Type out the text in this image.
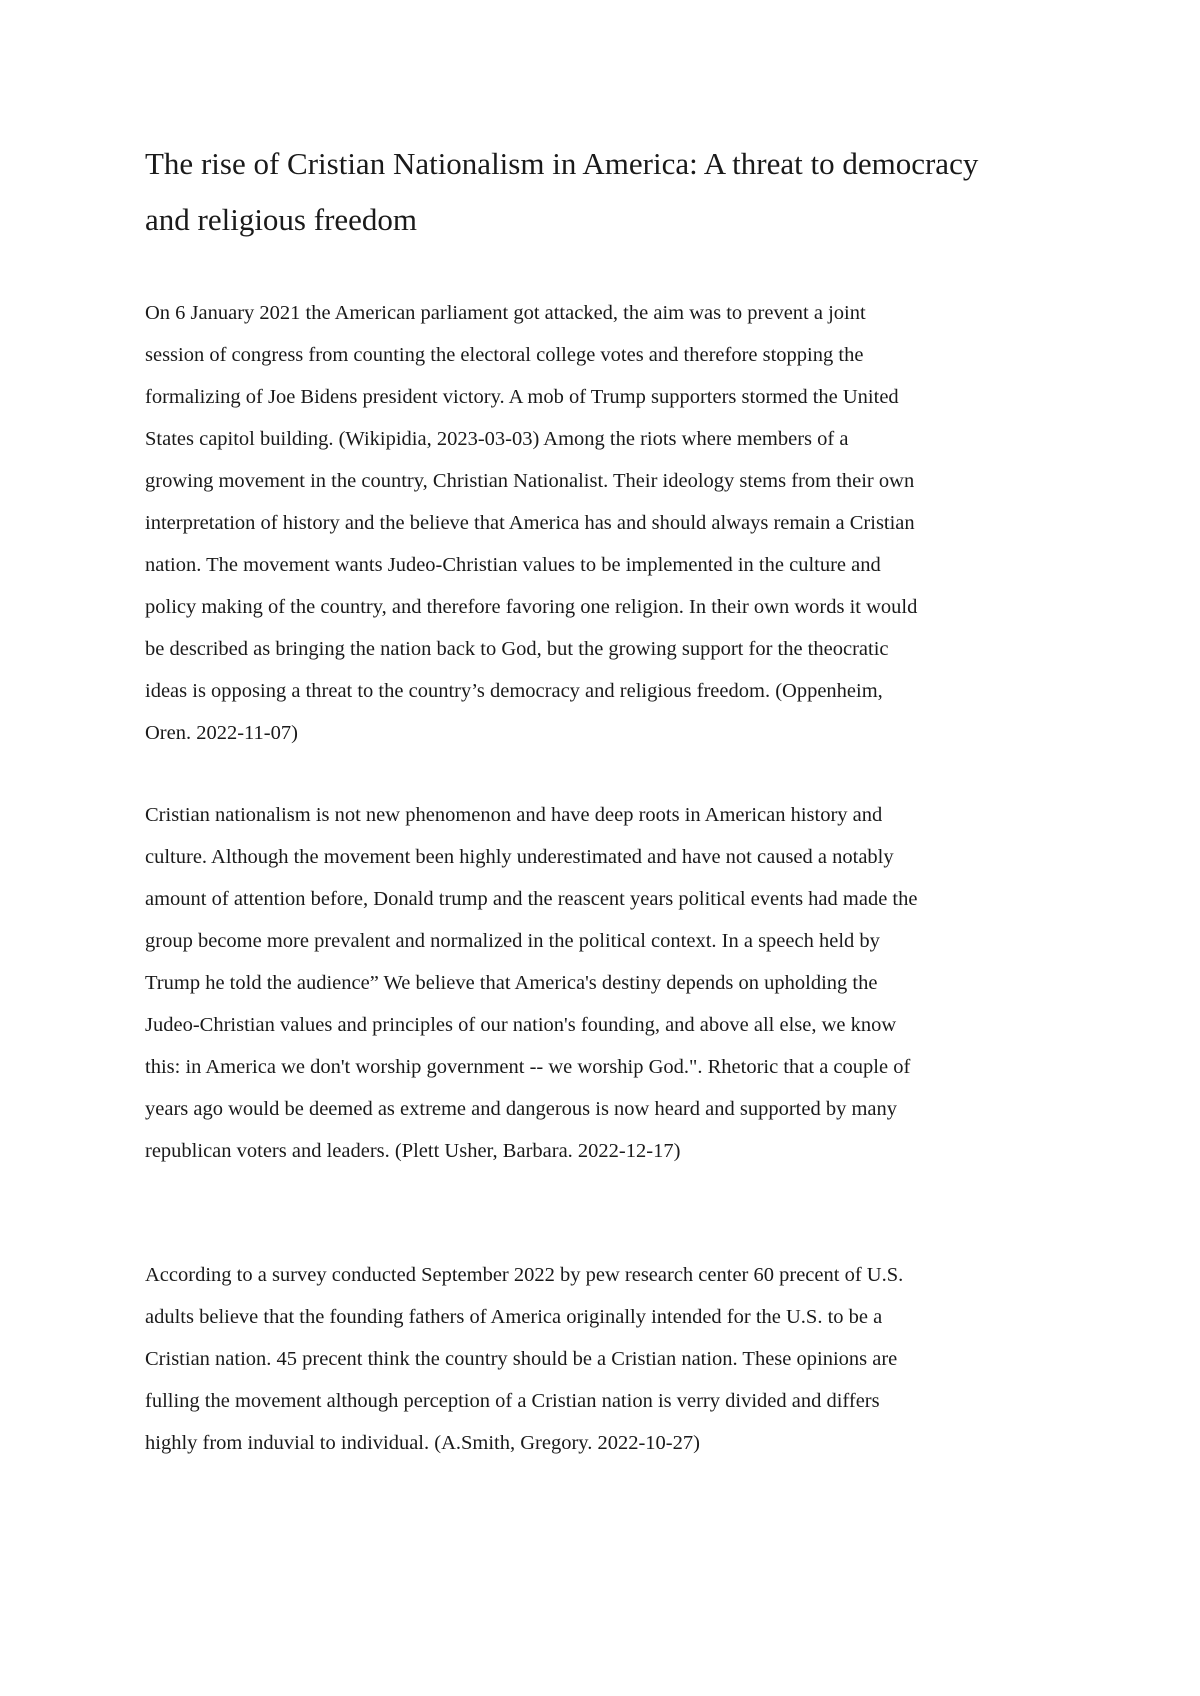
The rise of Cristian Nationalism in America: A threat to democracy
and religious freedom

On 6 January 2021 the American parliament got attacked, the aim was to prevent a joint
session of congress from counting the electoral college votes and therefore stopping the
formalizing of Joe Bidens president victory. A mob of Trump supporters stormed the United
States capitol building. (Wikipidia, 2023-03-03) Among the riots where members of a
growing movement in the country, Christian Nationalist. Their ideology stems from their own
interpretation of history and the believe that America has and should always remain a Cristian
nation. The movement wants Judeo-Christian values to be implemented in the culture and
policy making of the country, and therefore favoring one religion. In their own words it would
be described as bringing the nation back to God, but the growing support for the theocratic
ideas is opposing a threat to the country’s democracy and religious freedom. (Oppenheim,
Oren. 2022-11-07)

Cristian nationalism is not new phenomenon and have deep roots in American history and
culture. Although the movement been highly underestimated and have not caused a notably
amount of attention before, Donald trump and the reascent years political events had made the
group become more prevalent and normalized in the political context. In a speech held by
Trump he told the audience” We believe that America's destiny depends on upholding the
Judeo-Christian values and principles of our nation's founding, and above all else, we know
this: in America we don't worship government -- we worship God.". Rhetoric that a couple of
years ago would be deemed as extreme and dangerous is now heard and supported by many
republican voters and leaders. (Plett Usher, Barbara. 2022-12-17)

According to a survey conducted September 2022 by pew research center 60 precent of U.S.
adults believe that the founding fathers of America originally intended for the U.S. to be a
Cristian nation. 45 precent think the country should be a Cristian nation. These opinions are
fulling the movement although perception of a Cristian nation is verry divided and differs
highly from induvial to individual. (A.Smith, Gregory. 2022-10-27)
